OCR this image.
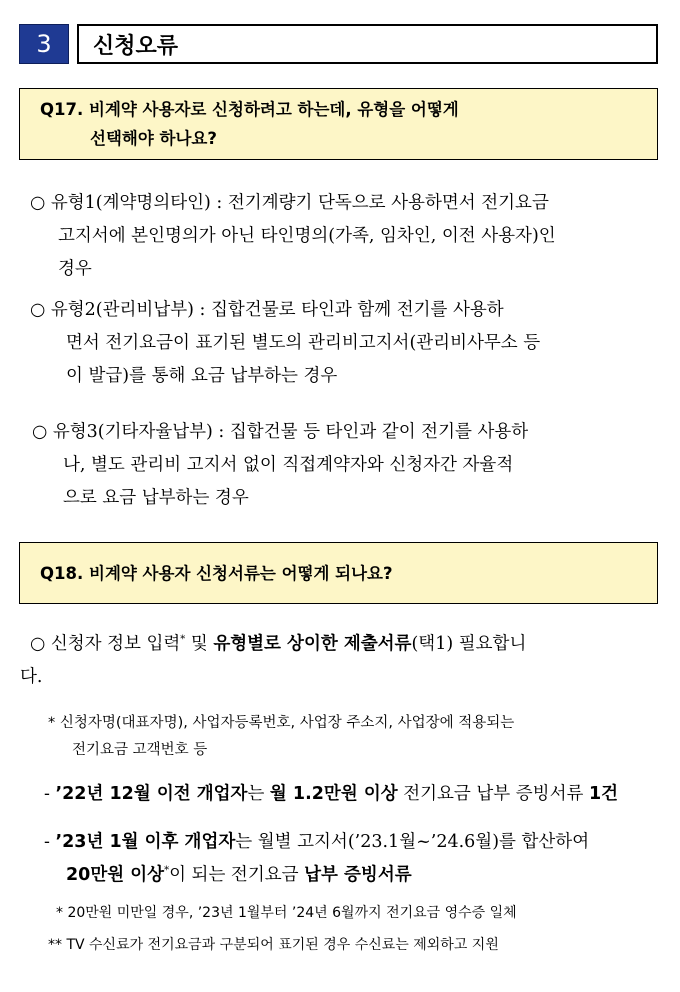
3	신청오류
Q17. 비계약 사용자로 신청하려고 하는데, 유형을 어떻게
선택해야 하나요?
○ 유형1(계약명의타인) : 전기계량기 단독으로 사용하면서 전기요금
고지서에 본인명의가 아닌 타인명의(가족, 임차인, 이전 사용자)인
경우
○ 유형2(관리비납부) : 집합건물로 타인과 함께 전기를 사용하
면서 전기요금이 표기된 별도의 관리비고지서(관리비사무소 등
이 발급)를 통해 요금 납부하는 경우
○ 유형3(기타자율납부) : 집합건물 등 타인과 같이 전기를 사용하
나, 별도 관리비 고지서 없이 직접계약자와 신청자간 자율적
으로 요금 납부하는 경우
Q18. 비계약 사용자 신청서류는 어떻게 되나요?
○ 신청자 정보 입력* 및 유형별로 상이한 제출서류(택1) 필요합니
다.
* 신청자명(대표자명), 사업자등록번호, 사업장 주소지, 사업장에 적용되는
전기요금 고객번호 등
- ’22년 12월 이전 개업자는 월 1.2만원 이상 전기요금 납부 증빙서류 1건
- ’23년 1월 이후 개업자는 월별 고지서(’23.1월~’24.6월)를 합산하여
20만원 이상*이 되는 전기요금 납부 증빙서류
* 20만원 미만일 경우, ’23년 1월부터 ’24년 6월까지 전기요금 영수증 일체
** TV 수신료가 전기요금과 구분되어 표기된 경우 수신료는 제외하고 지원
